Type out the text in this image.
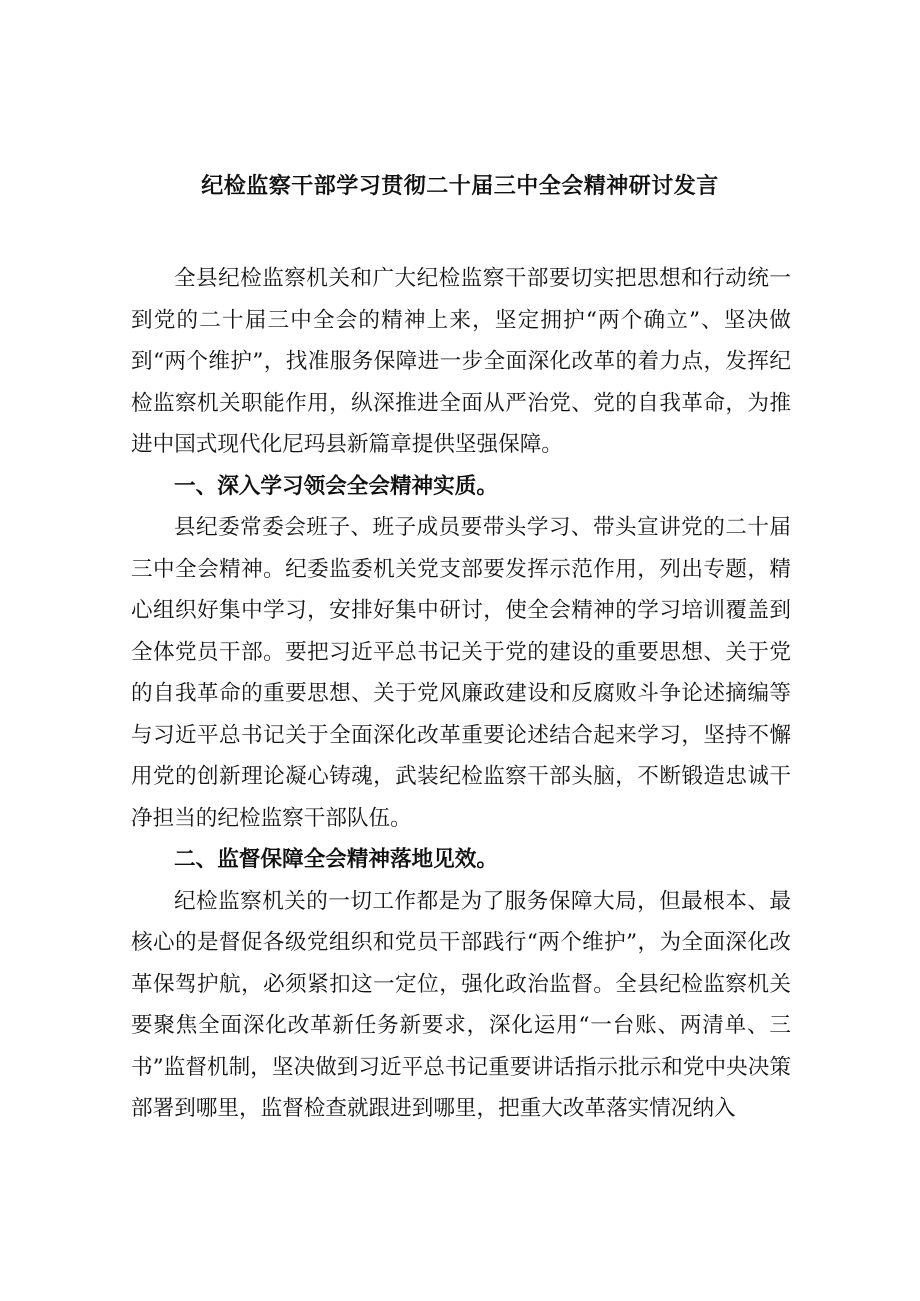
纪检监察干部学习贯彻二十届三中全会精神研讨发言

全县纪检监察机关和广大纪检监察干部要切实把思想和行动统一到党的二十届三中全会的精神上来，坚定拥护“两个确立”、坚决做到“两个维护”，找准服务保障进一步全面深化改革的着力点，发挥纪检监察机关职能作用，纵深推进全面从严治党、党的自我革命，为推进中国式现代化尼玛县新篇章提供坚强保障。

一、深入学习领会全会精神实质。

县纪委常委会班子、班子成员要带头学习、带头宣讲党的二十届三中全会精神。纪委监委机关党支部要发挥示范作用，列出专题，精心组织好集中学习，安排好集中研讨，使全会精神的学习培训覆盖到全体党员干部。要把习近平总书记关于党的建设的重要思想、关于党的自我革命的重要思想、关于党风廉政建设和反腐败斗争论述摘编等与习近平总书记关于全面深化改革重要论述结合起来学习，坚持不懈用党的创新理论凝心铸魂，武装纪检监察干部头脑，不断锻造忠诚干净担当的纪检监察干部队伍。

二、监督保障全会精神落地见效。

纪检监察机关的一切工作都是为了服务保障大局，但最根本、最核心的是督促各级党组织和党员干部践行“两个维护”，为全面深化改革保驾护航，必须紧扣这一定位，强化政治监督。全县纪检监察机关要聚焦全面深化改革新任务新要求，深化运用“一台账、两清单、三书”监督机制，坚决做到习近平总书记重要讲话指示批示和党中央决策部署到哪里，监督检查就跟进到哪里，把重大改革落实情况纳入
